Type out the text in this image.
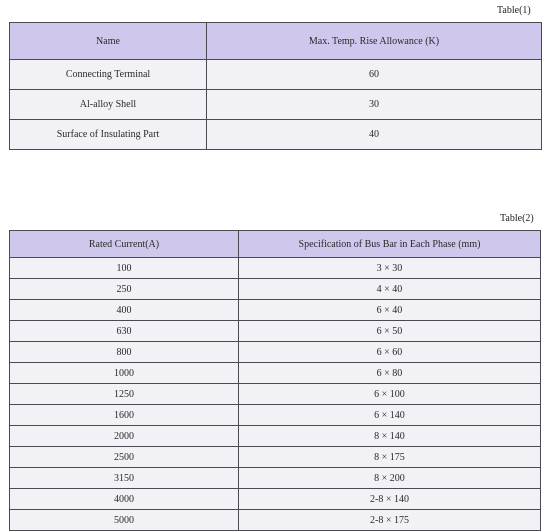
Table(1)
Name	Max. Temp. Rise Allowance (K)
Connecting Terminal	60
Al-alloy Shell	30
Surface of Insulating Part	40
Table(2)
Rated Current(A)	Specification of Bus Bar in Each Phase (mm)
100	3 × 30
250	4 × 40
400	6 × 40
630	6 × 50
800	6 × 60
1000	6 × 80
1250	6 × 100
1600	6 × 140
2000	8 × 140
2500	8 × 175
3150	8 × 200
4000	2-8 × 140
5000	2-8 × 175
